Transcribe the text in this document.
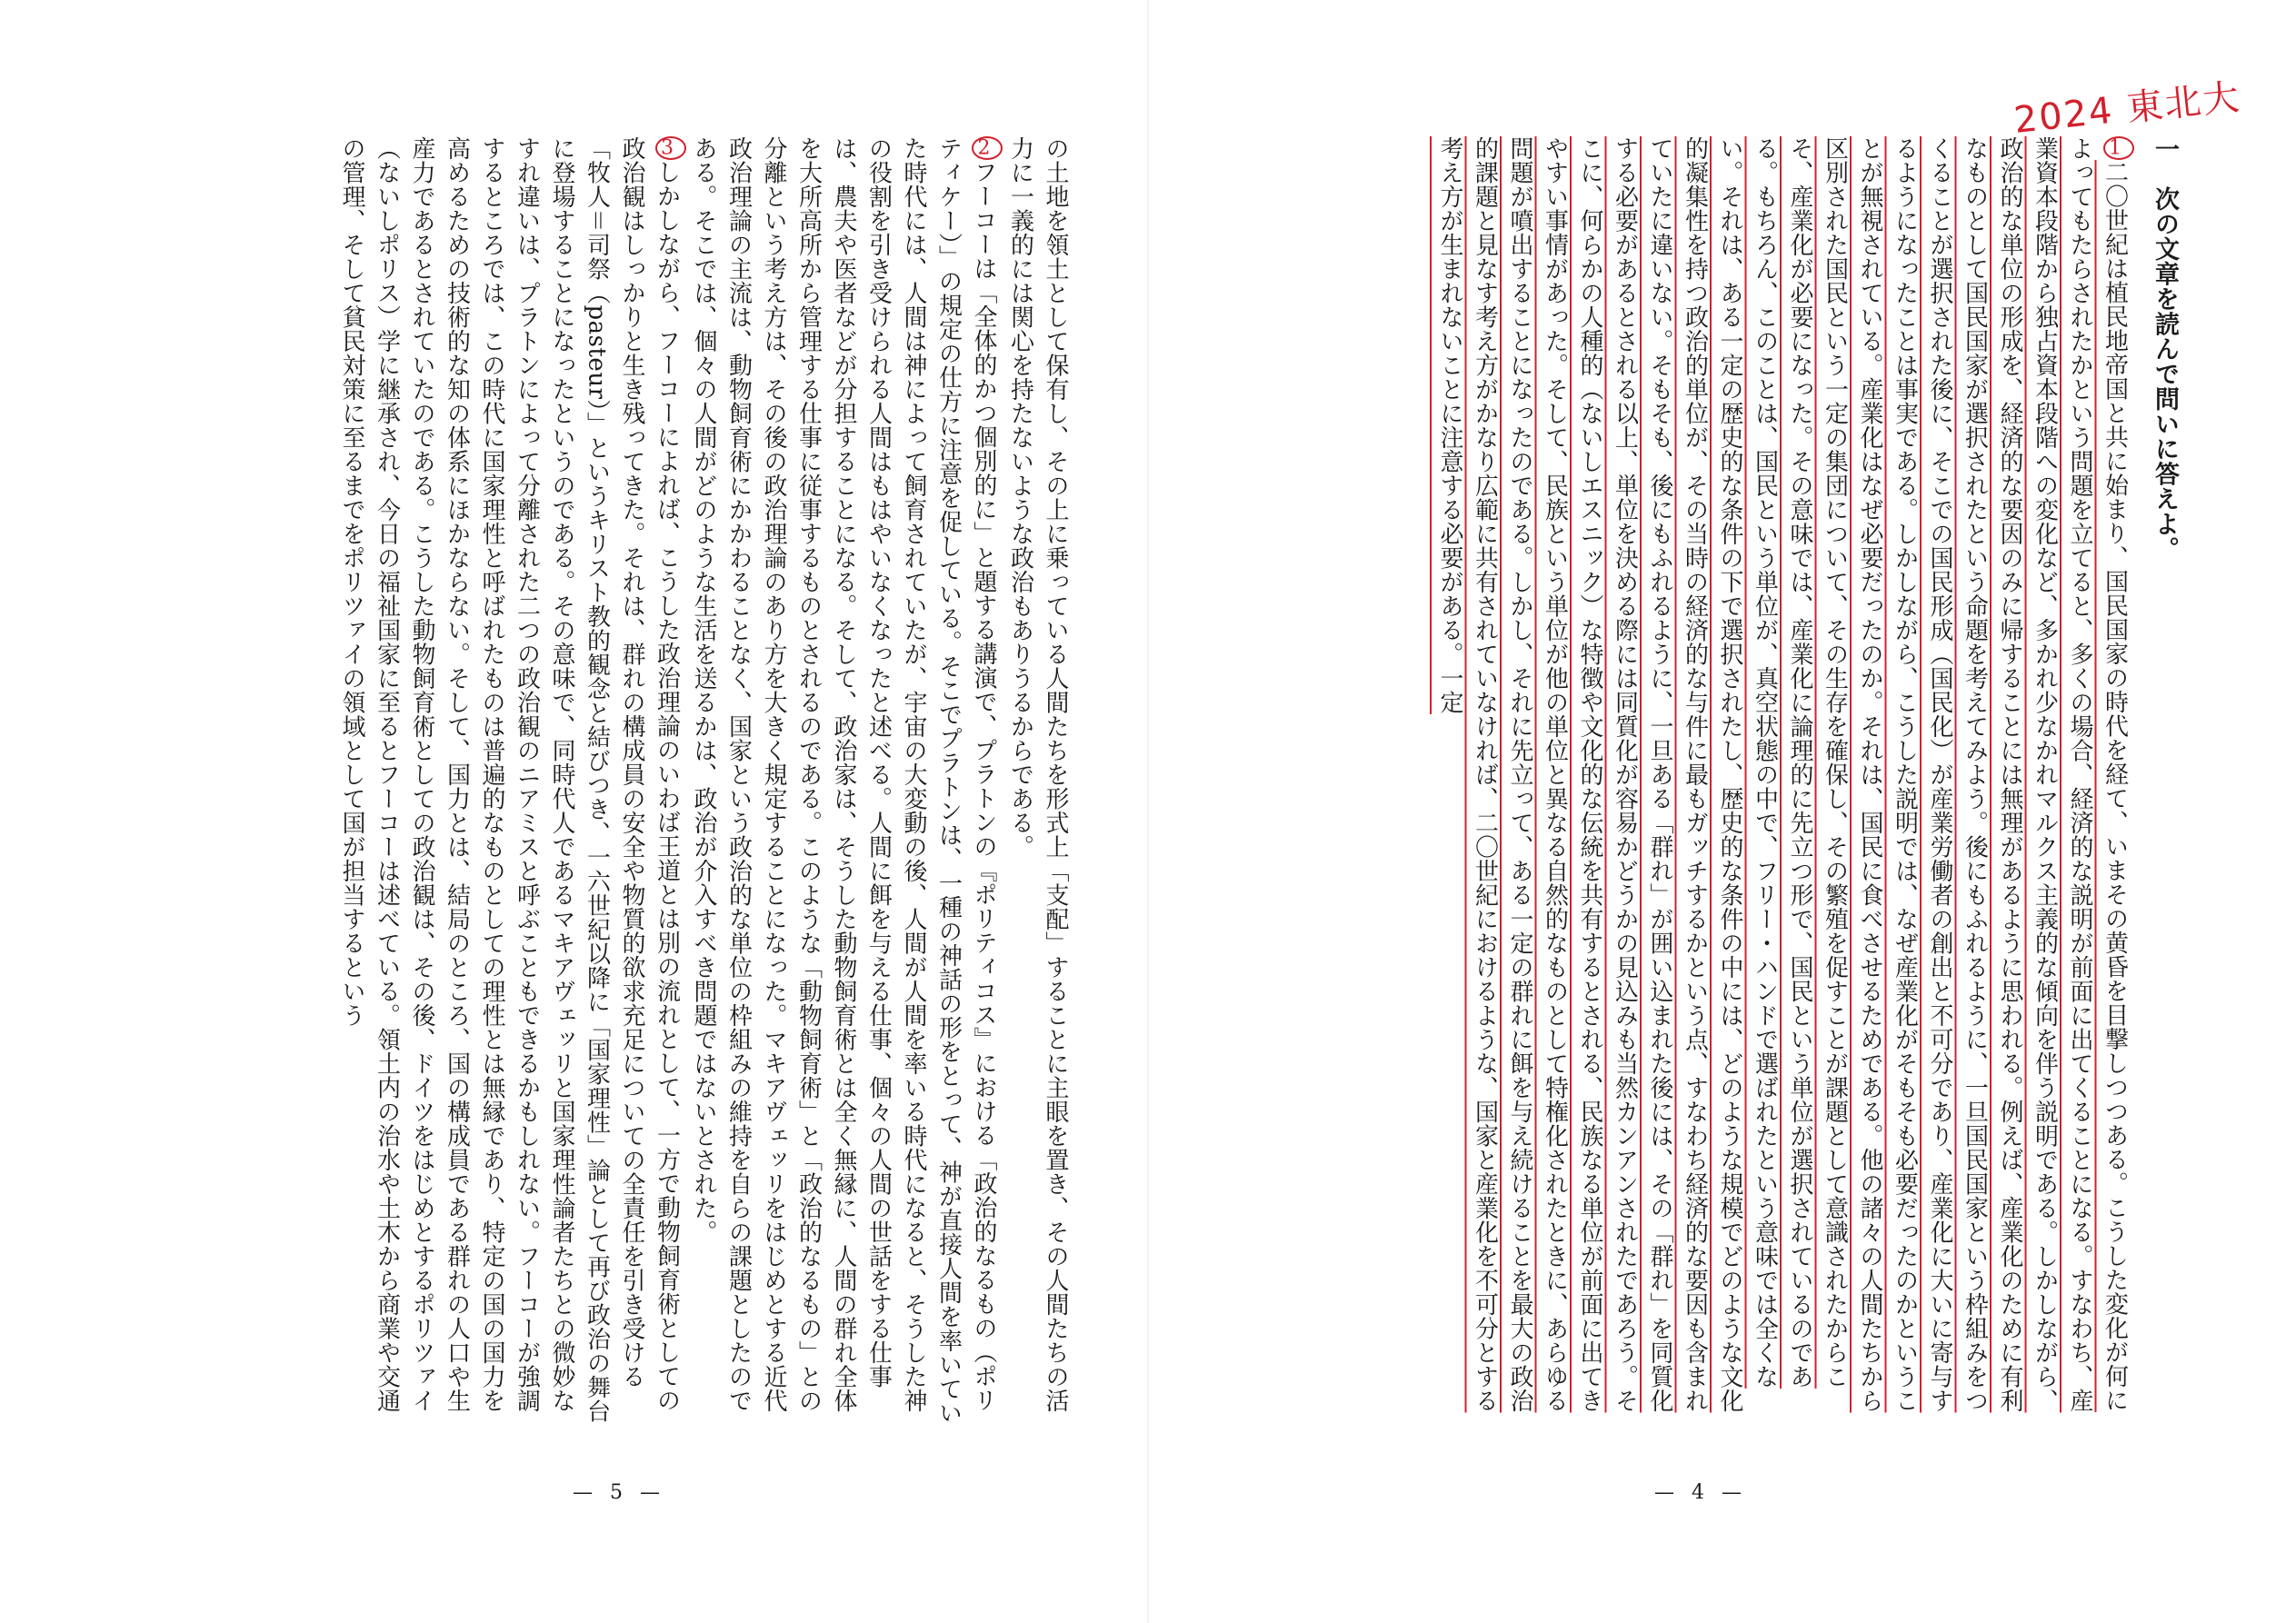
2024 東北大

一　次の文章を読んで問いに答えよ。

1二〇世紀は植民地帝国と共に始まり、国民国家の時代を経て、いまその黄昏を目撃しつつある。こうした変化が何によってもたらされたかという問題を立てると、多くの場合、経済的な説明が前面に出てくることになる。すなわち、産業資本段階から独占資本段階への変化など、多かれ少なかれマルクス主義的な傾向を伴う説明である。しかしながら、政治的な単位の形成を、経済的な要因のみに帰することには無理があるように思われる。例えば、産業化のために有利なものとして国民国家が選択されたという命題を考えてみよう。後にもふれるように、一旦国民国家という枠組みをつくることが選択された後に、そこでの国民形成（国民化）が産業労働者の創出と不可分であり、産業化に大いに寄与するようになったことは事実である。しかしながら、こうした説明では、なぜ産業化がそもそも必要だったのかということが無視されている。産業化はなぜ必要だったのか。それは、国民に食べさせるためである。他の諸々の人間たちから区別された国民という一定の集団について、その生存を確保し、その繁殖を促すことが課題として意識されたからこそ、産業化が必要になった。その意味では、産業化に論理的に先立つ形で、国民という単位が選択されているのである。もちろん、このことは、国民という単位が、真空状態の中で、フリー・ハンドで選ばれたという意味では全くない。それは、ある一定の歴史的な条件の下で選択されたし、歴史的な条件の中には、どのような規模でどのような文化的凝集性を持つ政治的単位が、その当時の経済的な与件に最もガッチするかという点、すなわち経済的な要因も含まれていたに違いない。そもそも、後にもふれるように、一旦ある「群れ」が囲い込まれた後には、その「群れ」を同質化する必要があるとされる以上、単位を決める際には同質化が容易かどうかの見込みも当然カンアンされたであろう。そこに、何らかの人種的（ないしエスニック）な特徴や文化的な伝統を共有するとされる、民族なる単位が前面に出てきやすい事情があった。そして、民族という単位が他の単位と異なる自然的なものとして特権化されたときに、あらゆる問題が噴出することになったのである。しかし、それに先立って、ある一定の群れに餌を与え続けることを最大の政治的課題と見なす考え方がかなり広範に共有されていなければ、二〇世紀におけるような、国家と産業化を不可分とする考え方が生まれないことに注意する必要がある。一定

— 4 —

の土地を領土として保有し、その上に乗っている人間たちを形式上「支配」することに主眼を置き、その人間たちの活力に一義的には関心を持たないような政治もありうるからである。

2フーコーは「全体的かつ個別的に」と題する講演で、プラトンの『ポリティコス』における「政治的なるもの（ポリティケー）」の規定の仕方に注意を促している。そこでプラトンは、一種の神話の形をとって、神が直接人間を率いていた時代には、人間は神によって飼育されていたが、宇宙の大変動の後、人間が人間を率いる時代になると、そうした神の役割を引き受けられる人間はもはやいなくなったと述べる。人間に餌を与える仕事、個々の人間の世話をする仕事は、農夫や医者などが分担することになる。そして、政治家は、そうした動物飼育術とは全く無縁に、人間の群れ全体を大所高所から管理する仕事に従事するものとされるのである。このような「動物飼育術」と「政治的なるもの」との分離という考え方は、その後の政治理論のあり方を大きく規定することになった。マキアヴェッリをはじめとする近代政治理論の主流は、動物飼育術にかかわることなく、国家という政治的な単位の枠組みの維持を自らの課題としたのである。そこでは、個々の人間がどのような生活を送るかは、政治が介入すべき問題ではないとされた。

3しかしながら、フーコーによれば、こうした政治理論のいわば王道とは別の流れとして、一方で動物飼育術としての政治観はしっかりと生き残ってきた。それは、群れの構成員の安全や物質的欲求充足についての全責任を引き受ける「牧人＝司祭（pasteur）」というキリスト教的観念と結びつき、一六世紀以降に「国家理性」論として再び政治の舞台に登場することになったというのである。その意味で、同時代人であるマキアヴェッリと国家理性論者たちとの微妙なすれ違いは、プラトンによって分離された二つの政治観のニアミスと呼ぶこともできるかもしれない。フーコーが強調するところでは、この時代に国家理性と呼ばれたものは普遍的なものとしての理性とは無縁であり、特定の国の国力を高めるための技術的な知の体系にほかならない。そして、国力とは、結局のところ、国の構成員である群れの人口や生産力であるとされていたのである。こうした動物飼育術としての政治観は、その後、ドイツをはじめとするポリツァイ（ないしポリス）学に継承され、今日の福祉国家に至るとフーコーは述べている。領土内の治水や土木から商業や交通の管理、そして貧民対策に至るまでをポリツァイの領域として国が担当するという

— 5 —
